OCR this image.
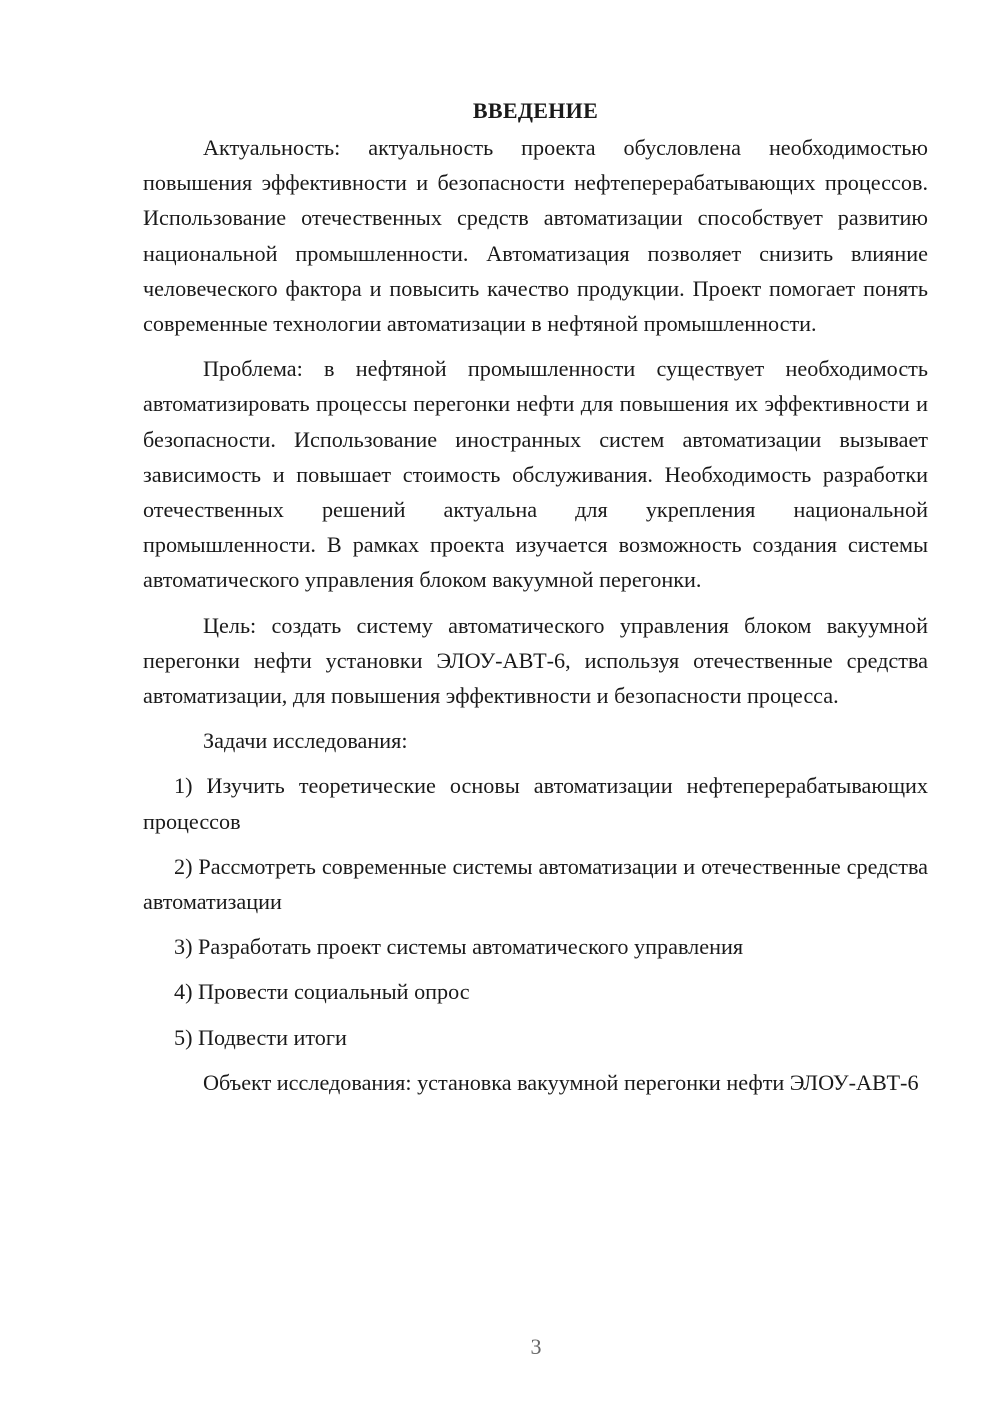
ВВЕДЕНИЕ

Актуальность: актуальность проекта обусловлена необходимостью повышения эффективности и безопасности нефтеперерабатывающих процессов. Использование отечественных средств автоматизации способствует развитию национальной промышленности. Автоматизация позволяет снизить влияние человеческого фактора и повысить качество продукции. Проект помогает понять современные технологии автоматизации в нефтяной промышленности.

Проблема: в нефтяной промышленности существует необходимость автоматизировать процессы перегонки нефти для повышения их эффективности и безопасности. Использование иностранных систем автоматизации вызывает зависимость и повышает стоимость обслуживания. Необходимость разработки отечественных решений актуальна для укрепления национальной промышленности. В рамках проекта изучается возможность создания системы автоматического управления блоком вакуумной перегонки.

Цель: создать систему автоматического управления блоком вакуумной перегонки нефти установки ЭЛОУ-АВТ-6, используя отечественные средства автоматизации, для повышения эффективности и безопасности процесса.

Задачи исследования:

1) Изучить теоретические основы автоматизации нефтеперерабатывающих процессов

2) Рассмотреть современные системы автоматизации и отечественные средства автоматизации

3) Разработать проект системы автоматического управления

4) Провести социальный опрос

5) Подвести итоги

Объект исследования: установка вакуумной перегонки нефти ЭЛОУ-АВТ-6

3
